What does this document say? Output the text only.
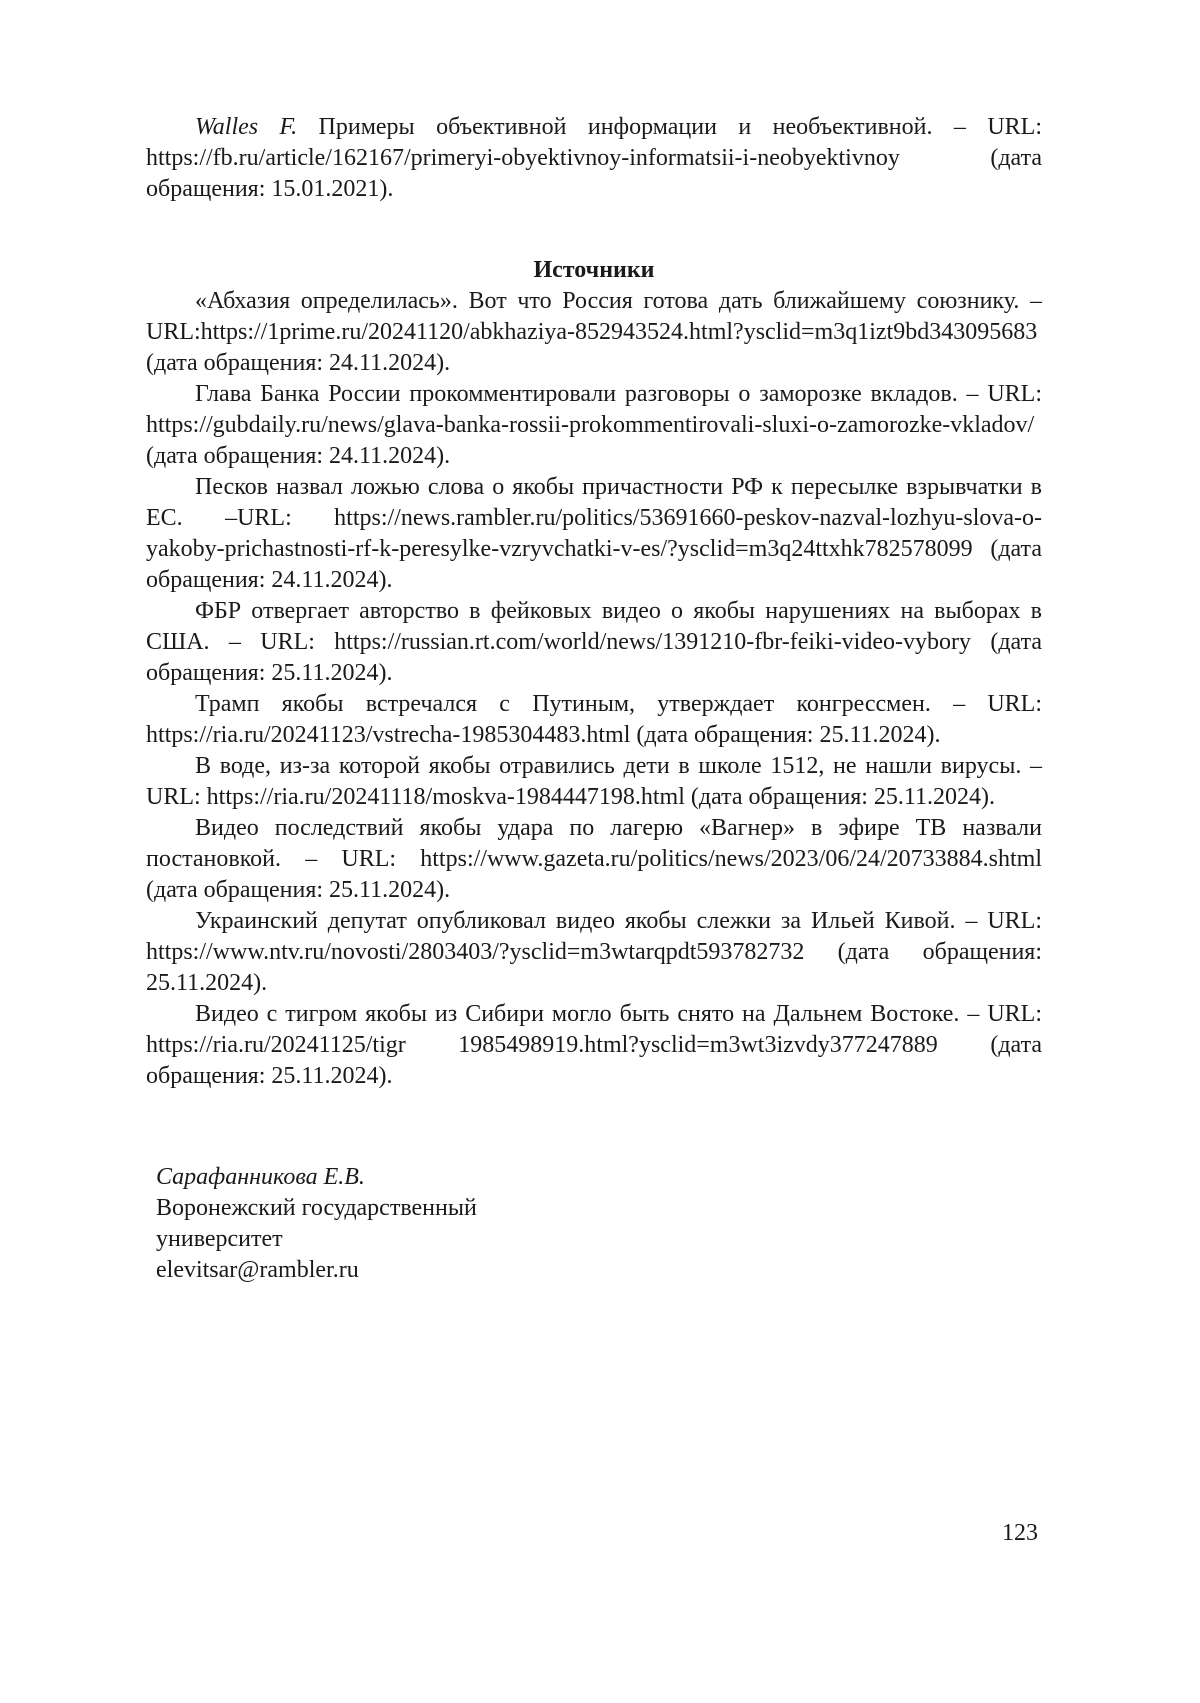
Walles F. Примеры объективной информации и необъективной. – URL: https://fb.ru/article/162167/primeryi-obyektivnoy-informatsii-i-neobyektivnoy (дата обращения: 15.01.2021).

Источники

«Абхазия определилась». Вот что Россия готова дать ближайшему союзнику. – URL:https://1prime.ru/20241120/abkhaziya-852943524.html?ysclid=m3q1izt9bd343095683 (дата обращения: 24.11.2024).

Глава Банка России прокомментировали разговоры о заморозке вкладов. – URL: https://gubdaily.ru/news/glava-banka-rossii-prokommentirovali-sluxi-o-zamorozke-vkladov/ (дата обращения: 24.11.2024).

Песков назвал ложью слова о якобы причастности РФ к пересылке взрывчатки в ЕС. –URL: https://news.rambler.ru/politics/53691660-peskov-nazval-lozhyu-slova-o-yakoby-prichastnosti-rf-k-peresylke-vzryvchatki-v-es/?ysclid=m3q24ttxhk782578099 (дата обращения: 24.11.2024).

ФБР отвергает авторство в фейковых видео о якобы нарушениях на выборах в США. – URL: https://russian.rt.com/world/news/1391210-fbr-feiki-video-vybory (дата обращения: 25.11.2024).

Трамп якобы встречался с Путиным, утверждает конгрессмен. – URL: https://ria.ru/20241123/vstrecha-1985304483.html (дата обращения: 25.11.2024).

В воде, из-за которой якобы отравились дети в школе 1512, не нашли вирусы. – URL: https://ria.ru/20241118/moskva-1984447198.html (дата обращения: 25.11.2024).

Видео последствий якобы удара по лагерю «Вагнер» в эфире ТВ назвали постановкой. – URL: https://www.gazeta.ru/politics/news/2023/06/24/20733884.shtml (дата обращения: 25.11.2024).

Украинский депутат опубликовал видео якобы слежки за Ильей Кивой. – URL: https://www.ntv.ru/novosti/2803403/?ysclid=m3wtarqpdt593782732 (дата обращения: 25.11.2024).

Видео с тигром якобы из Сибири могло быть снято на Дальнем Востоке. – URL: https://ria.ru/20241125/tigr 1985498919.html?ysclid=m3wt3izvdy377247889 (дата обращения: 25.11.2024).

Сарафанникова Е.В.
Воронежский государственный
университет
elevitsar@rambler.ru
123
